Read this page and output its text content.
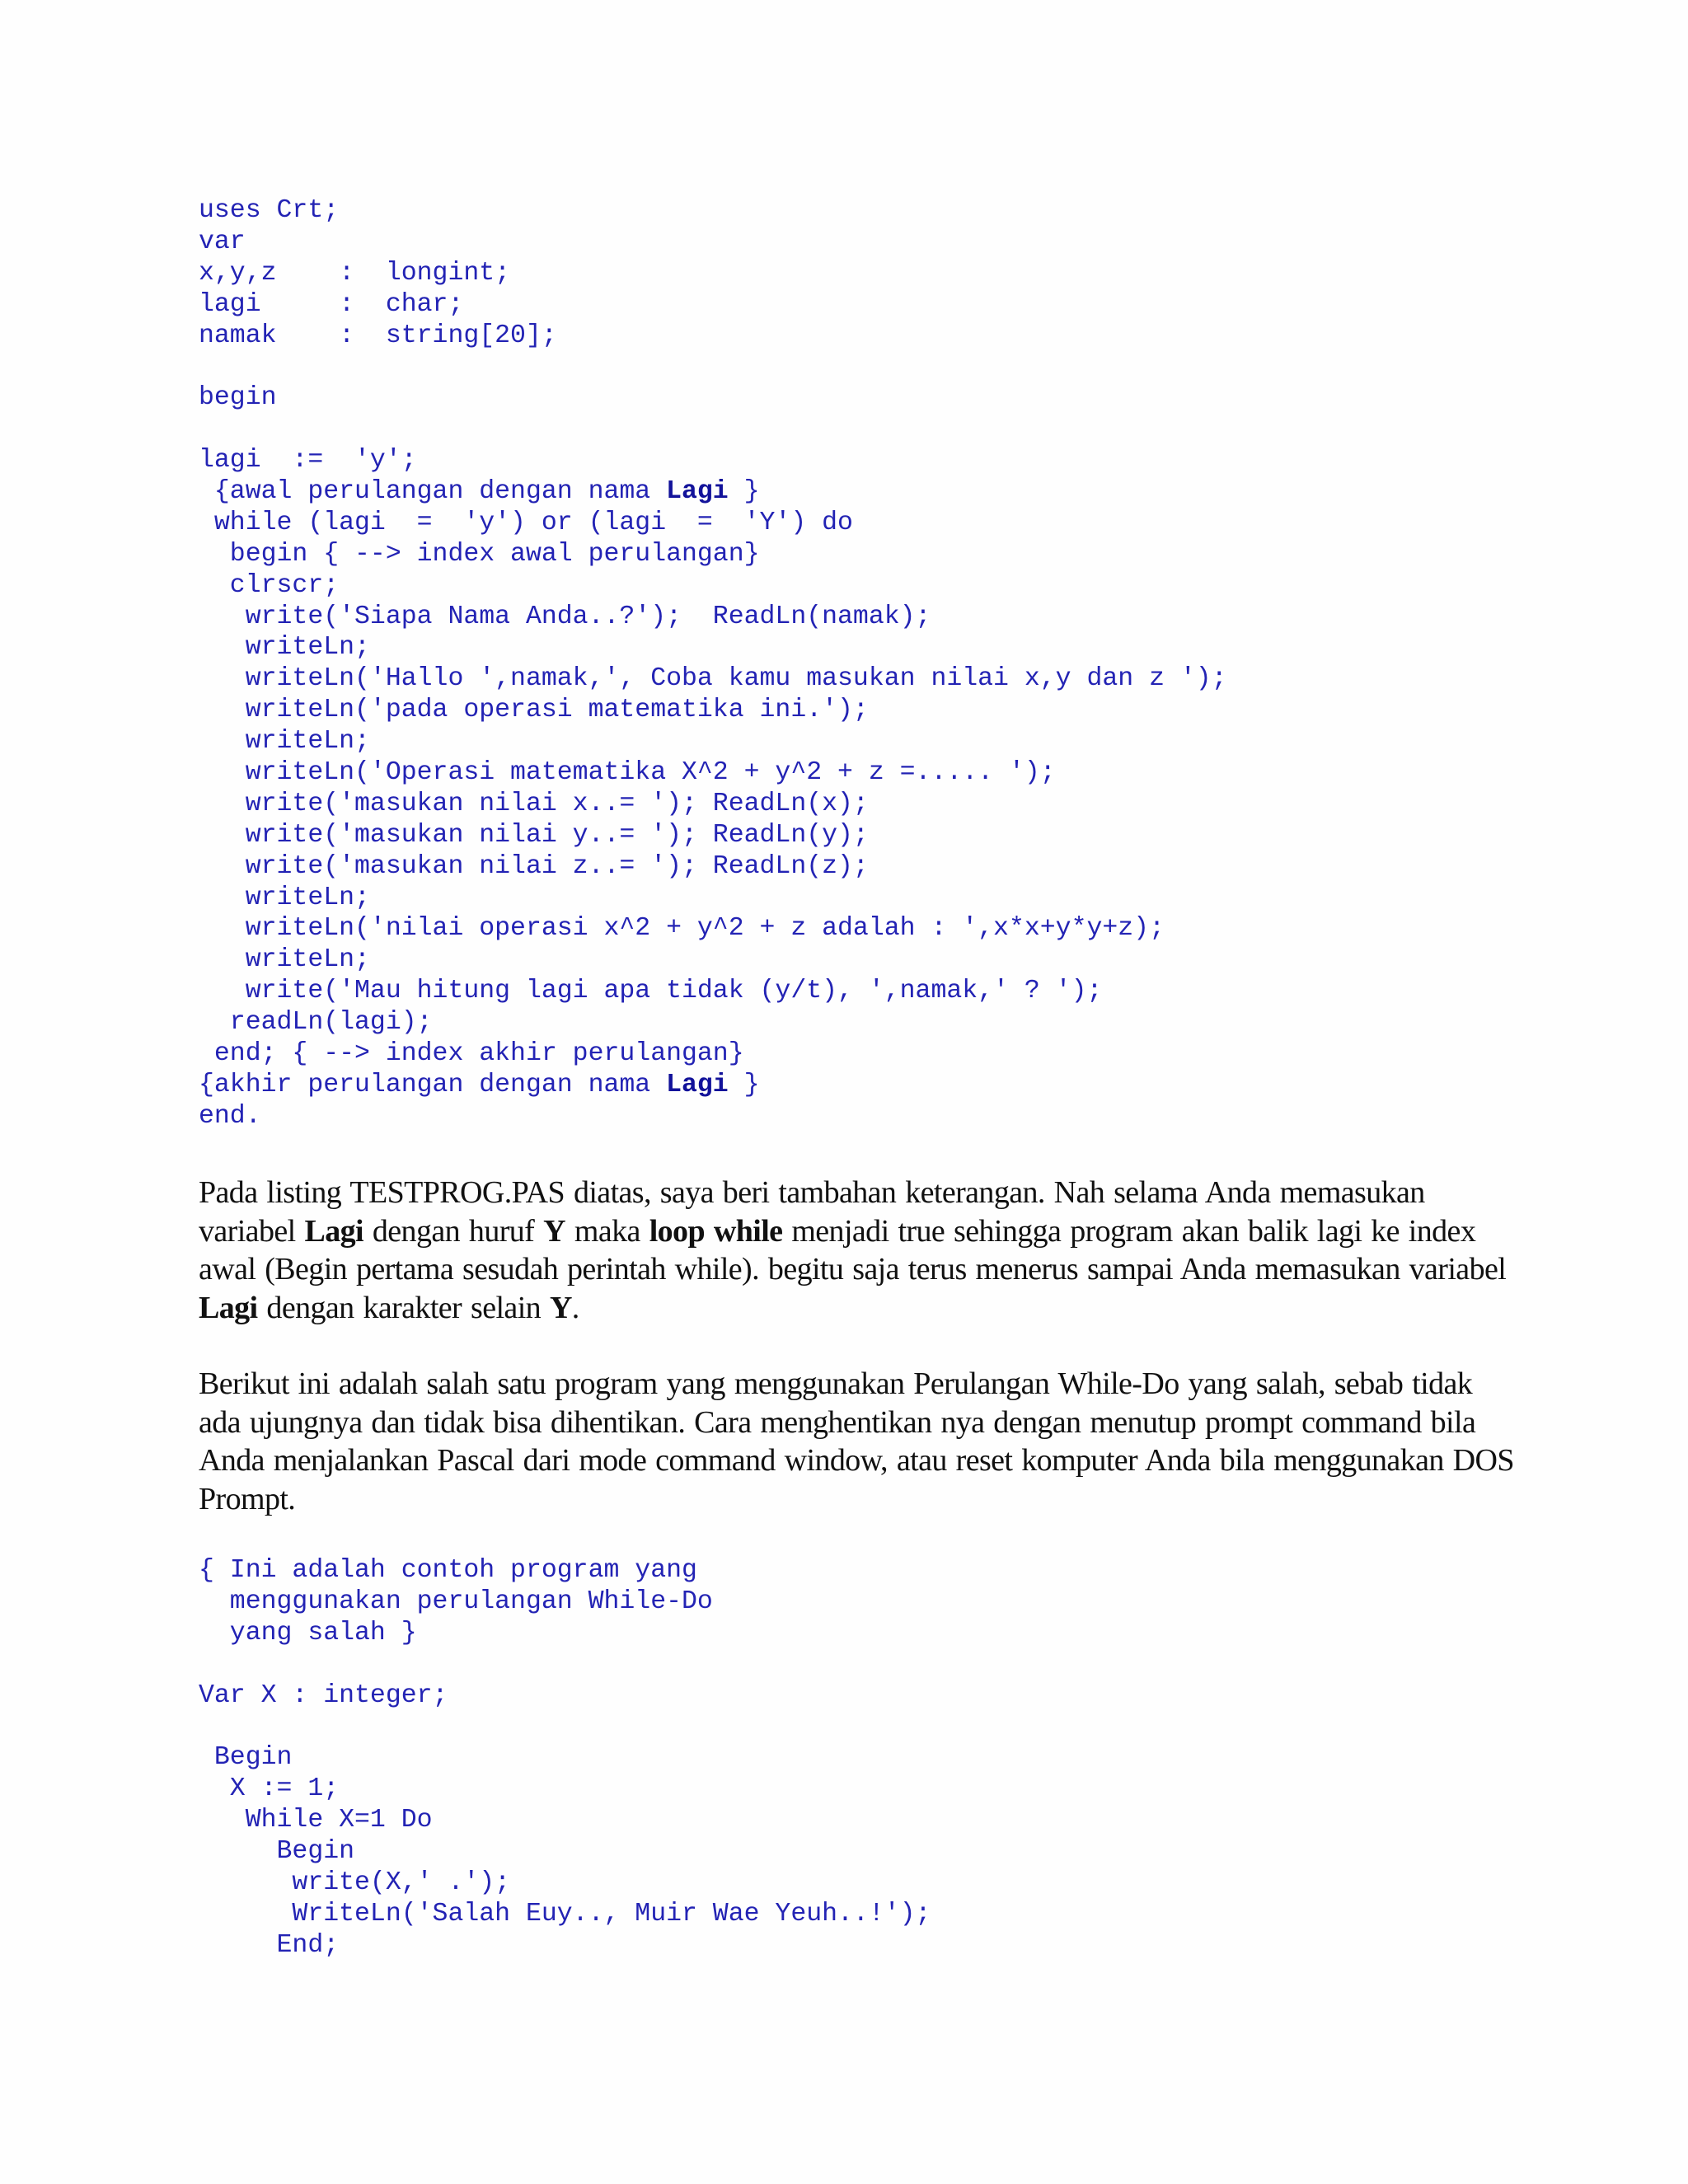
uses Crt;
var
x,y,z    :  longint;
lagi     :  char;
namak    :  string[20];
begin
lagi  :=  'y';
{awal perulangan dengan nama Lagi }
while (lagi  =  'y') or (lagi  =  'Y') do
begin { --> index awal perulangan}
clrscr;
write('Siapa Nama Anda..?');  ReadLn(namak);
writeLn;
writeLn('Hallo ',namak,', Coba kamu masukan nilai x,y dan z ');
writeLn('pada operasi matematika ini.');
writeLn;
writeLn('Operasi matematika X^2 + y^2 + z =..... ');
write('masukan nilai x..= '); ReadLn(x);
write('masukan nilai y..= '); ReadLn(y);
write('masukan nilai z..= '); ReadLn(z);
writeLn;
writeLn('nilai operasi x^2 + y^2 + z adalah : ',x*x+y*y+z);
writeLn;
write('Mau hitung lagi apa tidak (y/t), ',namak,' ? ');
readLn(lagi);
end; { --> index akhir perulangan}
{akhir perulangan dengan nama Lagi }
end.

Pada listing TESTPROG.PAS diatas, saya beri tambahan keterangan. Nah selama Anda memasukan variabel Lagi dengan huruf Y maka loop while menjadi true sehingga program akan balik lagi ke index awal (Begin pertama sesudah perintah while). begitu saja terus menerus sampai Anda memasukan variabel Lagi dengan karakter selain Y.

Berikut ini adalah salah satu program yang menggunakan Perulangan While-Do yang salah, sebab tidak ada ujungnya dan tidak bisa dihentikan. Cara menghentikan nya dengan menutup prompt command bila Anda menjalankan Pascal dari mode command window, atau reset komputer Anda bila menggunakan DOS Prompt.

{ Ini adalah contoh program yang
menggunakan perulangan While-Do
yang salah }
Var X : integer;
Begin
X := 1;
While X=1 Do
Begin
write(X,' .');
WriteLn('Salah Euy.., Muir Wae Yeuh..!');
End;
